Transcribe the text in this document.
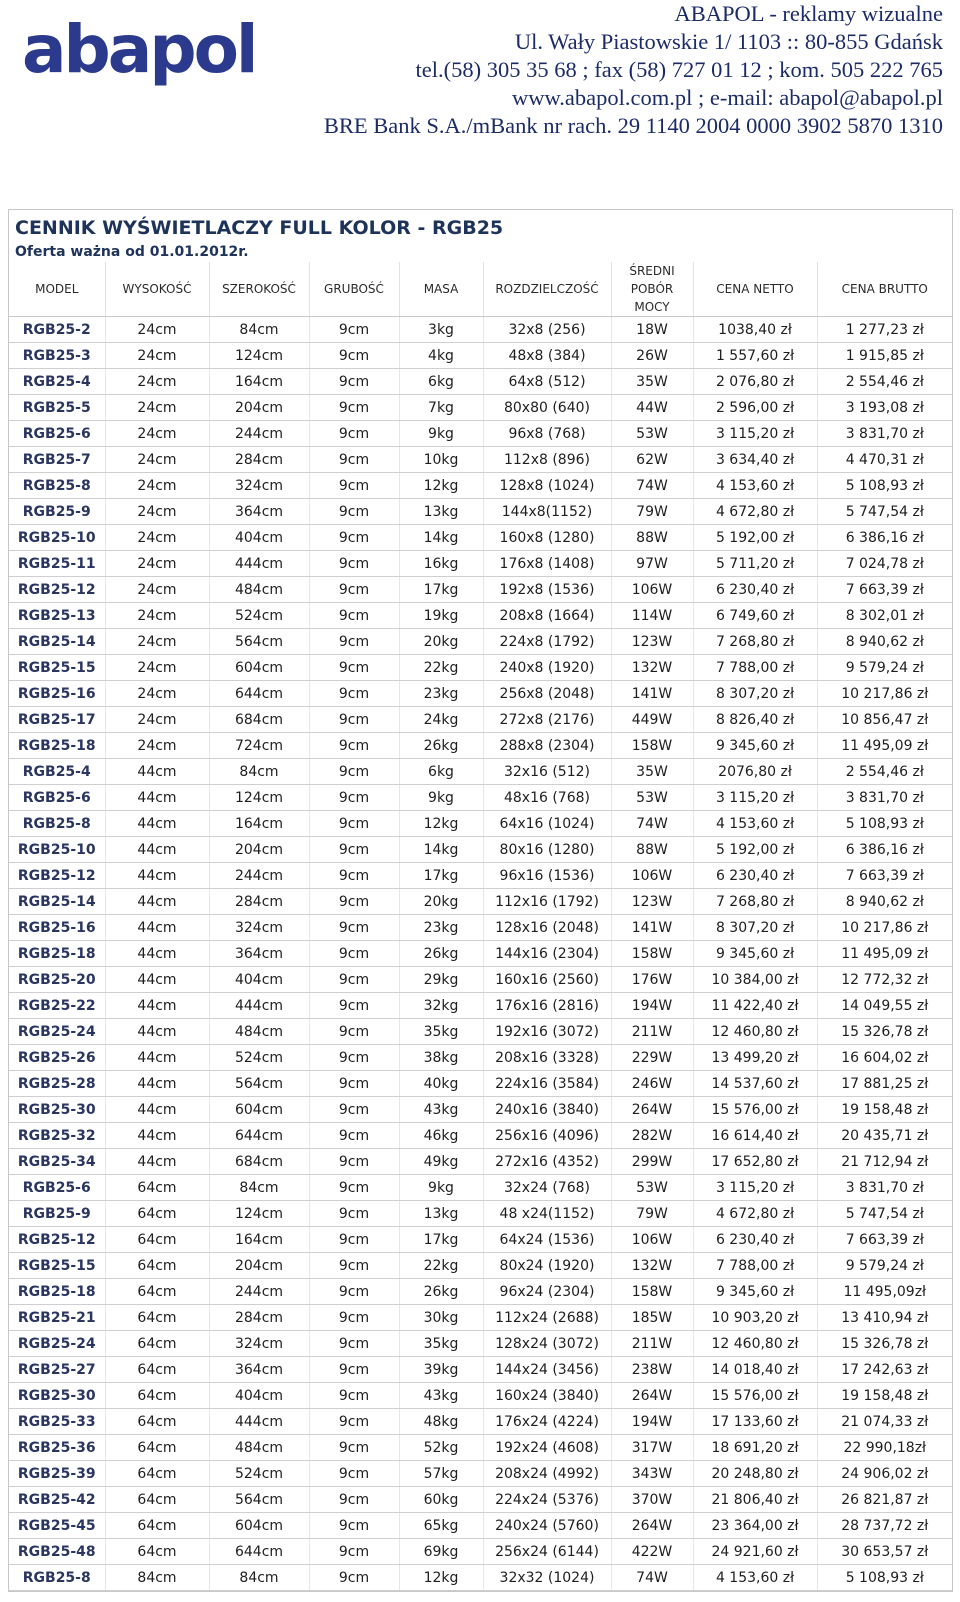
abapol	ABAPOL - reklamy wizualne
Ul. Wały Piastowskie 1/ 1103 :: 80-855 Gdańsk
tel.(58) 305 35 68 ; fax (58) 727 01 12 ; kom. 505 222 765
www.abapol.com.pl ; e-mail: abapol@abapol.pl
BRE Bank S.A./mBank nr rach. 29 1140 2004 0000 3902 5870 1310
CENNIK WYŚWIETLACZY FULL KOLOR - RGB25
Oferta ważna od 01.01.2012r.
MODEL	WYSOKOŚĆ	SZEROKOŚĆ	GRUBOŚĆ	MASA	ROZDZIELCZOŚĆ	ŚREDNI POBÓR MOCY	CENA NETTO	CENA BRUTTO
RGB25-2	24cm	84cm	9cm	3kg	32x8 (256)	18W	1038,40 zł	1 277,23 zł
RGB25-3	24cm	124cm	9cm	4kg	48x8 (384)	26W	1 557,60 zł	1 915,85 zł
RGB25-4	24cm	164cm	9cm	6kg	64x8 (512)	35W	2 076,80 zł	2 554,46 zł
RGB25-5	24cm	204cm	9cm	7kg	80x80 (640)	44W	2 596,00 zł	3 193,08 zł
RGB25-6	24cm	244cm	9cm	9kg	96x8 (768)	53W	3 115,20 zł	3 831,70 zł
RGB25-7	24cm	284cm	9cm	10kg	112x8 (896)	62W	3 634,40 zł	4 470,31 zł
RGB25-8	24cm	324cm	9cm	12kg	128x8 (1024)	74W	4 153,60 zł	5 108,93 zł
RGB25-9	24cm	364cm	9cm	13kg	144x8(1152)	79W	4 672,80 zł	5 747,54 zł
RGB25-10	24cm	404cm	9cm	14kg	160x8 (1280)	88W	5 192,00 zł	6 386,16 zł
RGB25-11	24cm	444cm	9cm	16kg	176x8 (1408)	97W	5 711,20 zł	7 024,78 zł
RGB25-12	24cm	484cm	9cm	17kg	192x8 (1536)	106W	6 230,40 zł	7 663,39 zł
RGB25-13	24cm	524cm	9cm	19kg	208x8 (1664)	114W	6 749,60 zł	8 302,01 zł
RGB25-14	24cm	564cm	9cm	20kg	224x8 (1792)	123W	7 268,80 zł	8 940,62 zł
RGB25-15	24cm	604cm	9cm	22kg	240x8 (1920)	132W	7 788,00 zł	9 579,24 zł
RGB25-16	24cm	644cm	9cm	23kg	256x8 (2048)	141W	8 307,20 zł	10 217,86 zł
RGB25-17	24cm	684cm	9cm	24kg	272x8 (2176)	449W	8 826,40 zł	10 856,47 zł
RGB25-18	24cm	724cm	9cm	26kg	288x8 (2304)	158W	9 345,60 zł	11 495,09 zł
RGB25-4	44cm	84cm	9cm	6kg	32x16 (512)	35W	2076,80 zł	2 554,46 zł
RGB25-6	44cm	124cm	9cm	9kg	48x16 (768)	53W	3 115,20 zł	3 831,70 zł
RGB25-8	44cm	164cm	9cm	12kg	64x16 (1024)	74W	4 153,60 zł	5 108,93 zł
RGB25-10	44cm	204cm	9cm	14kg	80x16 (1280)	88W	5 192,00 zł	6 386,16 zł
RGB25-12	44cm	244cm	9cm	17kg	96x16 (1536)	106W	6 230,40 zł	7 663,39 zł
RGB25-14	44cm	284cm	9cm	20kg	112x16 (1792)	123W	7 268,80 zł	8 940,62 zł
RGB25-16	44cm	324cm	9cm	23kg	128x16 (2048)	141W	8 307,20 zł	10 217,86 zł
RGB25-18	44cm	364cm	9cm	26kg	144x16 (2304)	158W	9 345,60 zł	11 495,09 zł
RGB25-20	44cm	404cm	9cm	29kg	160x16 (2560)	176W	10 384,00 zł	12 772,32 zł
RGB25-22	44cm	444cm	9cm	32kg	176x16 (2816)	194W	11 422,40 zł	14 049,55 zł
RGB25-24	44cm	484cm	9cm	35kg	192x16 (3072)	211W	12 460,80 zł	15 326,78 zł
RGB25-26	44cm	524cm	9cm	38kg	208x16 (3328)	229W	13 499,20 zł	16 604,02 zł
RGB25-28	44cm	564cm	9cm	40kg	224x16 (3584)	246W	14 537,60 zł	17 881,25 zł
RGB25-30	44cm	604cm	9cm	43kg	240x16 (3840)	264W	15 576,00 zł	19 158,48 zł
RGB25-32	44cm	644cm	9cm	46kg	256x16 (4096)	282W	16 614,40 zł	20 435,71 zł
RGB25-34	44cm	684cm	9cm	49kg	272x16 (4352)	299W	17 652,80 zł	21 712,94 zł
RGB25-6	64cm	84cm	9cm	9kg	32x24 (768)	53W	3 115,20 zł	3 831,70 zł
RGB25-9	64cm	124cm	9cm	13kg	48 x24(1152)	79W	4 672,80 zł	5 747,54 zł
RGB25-12	64cm	164cm	9cm	17kg	64x24 (1536)	106W	6 230,40 zł	7 663,39 zł
RGB25-15	64cm	204cm	9cm	22kg	80x24 (1920)	132W	7 788,00 zł	9 579,24 zł
RGB25-18	64cm	244cm	9cm	26kg	96x24 (2304)	158W	9 345,60 zł	11 495,09zł
RGB25-21	64cm	284cm	9cm	30kg	112x24 (2688)	185W	10 903,20 zł	13 410,94 zł
RGB25-24	64cm	324cm	9cm	35kg	128x24 (3072)	211W	12 460,80 zł	15 326,78 zł
RGB25-27	64cm	364cm	9cm	39kg	144x24 (3456)	238W	14 018,40 zł	17 242,63 zł
RGB25-30	64cm	404cm	9cm	43kg	160x24 (3840)	264W	15 576,00 zł	19 158,48 zł
RGB25-33	64cm	444cm	9cm	48kg	176x24 (4224)	194W	17 133,60 zł	21 074,33 zł
RGB25-36	64cm	484cm	9cm	52kg	192x24 (4608)	317W	18 691,20 zł	22 990,18zł
RGB25-39	64cm	524cm	9cm	57kg	208x24 (4992)	343W	20 248,80 zł	24 906,02 zł
RGB25-42	64cm	564cm	9cm	60kg	224x24 (5376)	370W	21 806,40 zł	26 821,87 zł
RGB25-45	64cm	604cm	9cm	65kg	240x24 (5760)	264W	23 364,00 zł	28 737,72 zł
RGB25-48	64cm	644cm	9cm	69kg	256x24 (6144)	422W	24 921,60 zł	30 653,57 zł
RGB25-8	84cm	84cm	9cm	12kg	32x32 (1024)	74W	4 153,60 zł	5 108,93 zł
